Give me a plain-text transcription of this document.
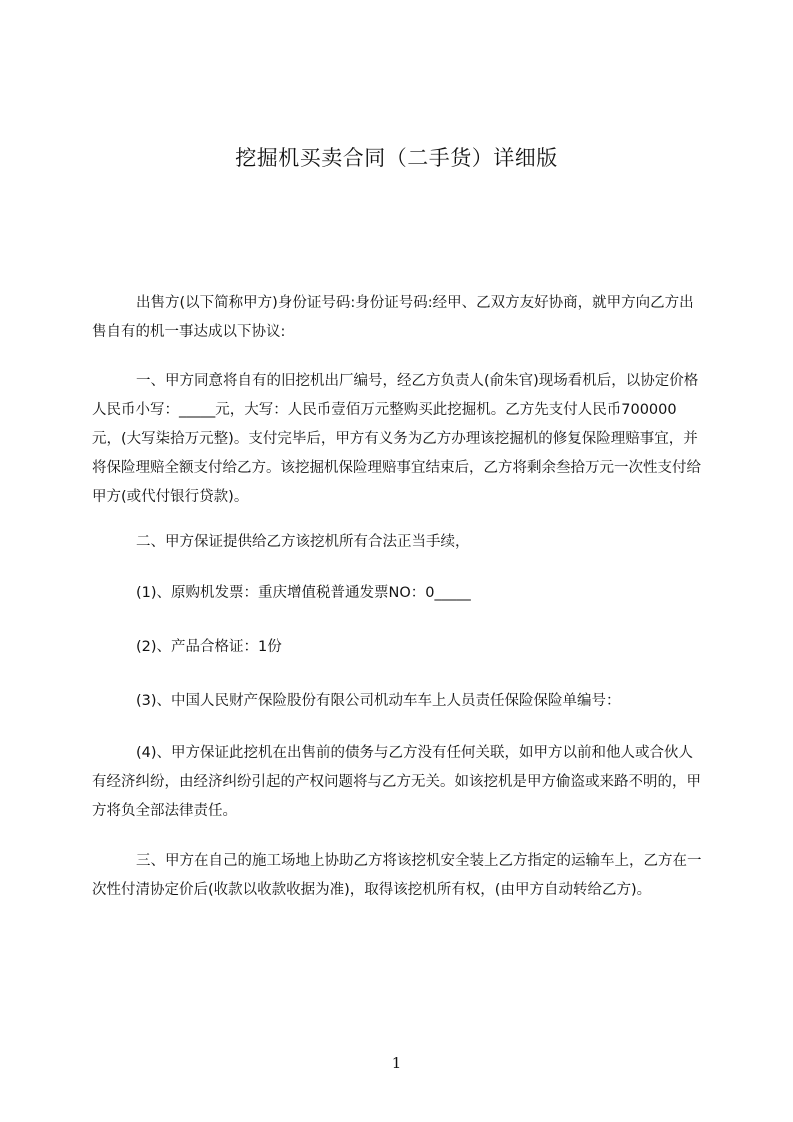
挖掘机买卖合同（二手货）详细版

出售方(以下简称甲方)身份证号码:身份证号码:经甲、乙双方友好协商，就甲方向乙方出售自有的机一事达成以下协议:

一、甲方同意将自有的旧挖机出厂编号，经乙方负责人(俞朱官)现场看机后，以协定价格人民币小写：_____元，大写：人民币壹佰万元整购买此挖掘机。乙方先支付人民币700000元，(大写柒拾万元整)。支付完毕后，甲方有义务为乙方办理该挖掘机的修复保险理赔事宜，并将保险理赔全额支付给乙方。该挖掘机保险理赔事宜结束后，乙方将剩余叁拾万元一次性支付给甲方(或代付银行贷款)。

二、甲方保证提供给乙方该挖机所有合法正当手续，

(1)、原购机发票：重庆增值税普通发票NO：0_____

(2)、产品合格证：1份

(3)、中国人民财产保险股份有限公司机动车车上人员责任保险保险单编号：

(4)、甲方保证此挖机在出售前的债务与乙方没有任何关联，如甲方以前和他人或合伙人有经济纠纷，由经济纠纷引起的产权问题将与乙方无关。如该挖机是甲方偷盗或来路不明的，甲方将负全部法律责任。

三、甲方在自己的施工场地上协助乙方将该挖机安全装上乙方指定的运输车上，乙方在一次性付清协定价后(收款以收款收据为准)，取得该挖机所有权，(由甲方自动转给乙方)。

1
